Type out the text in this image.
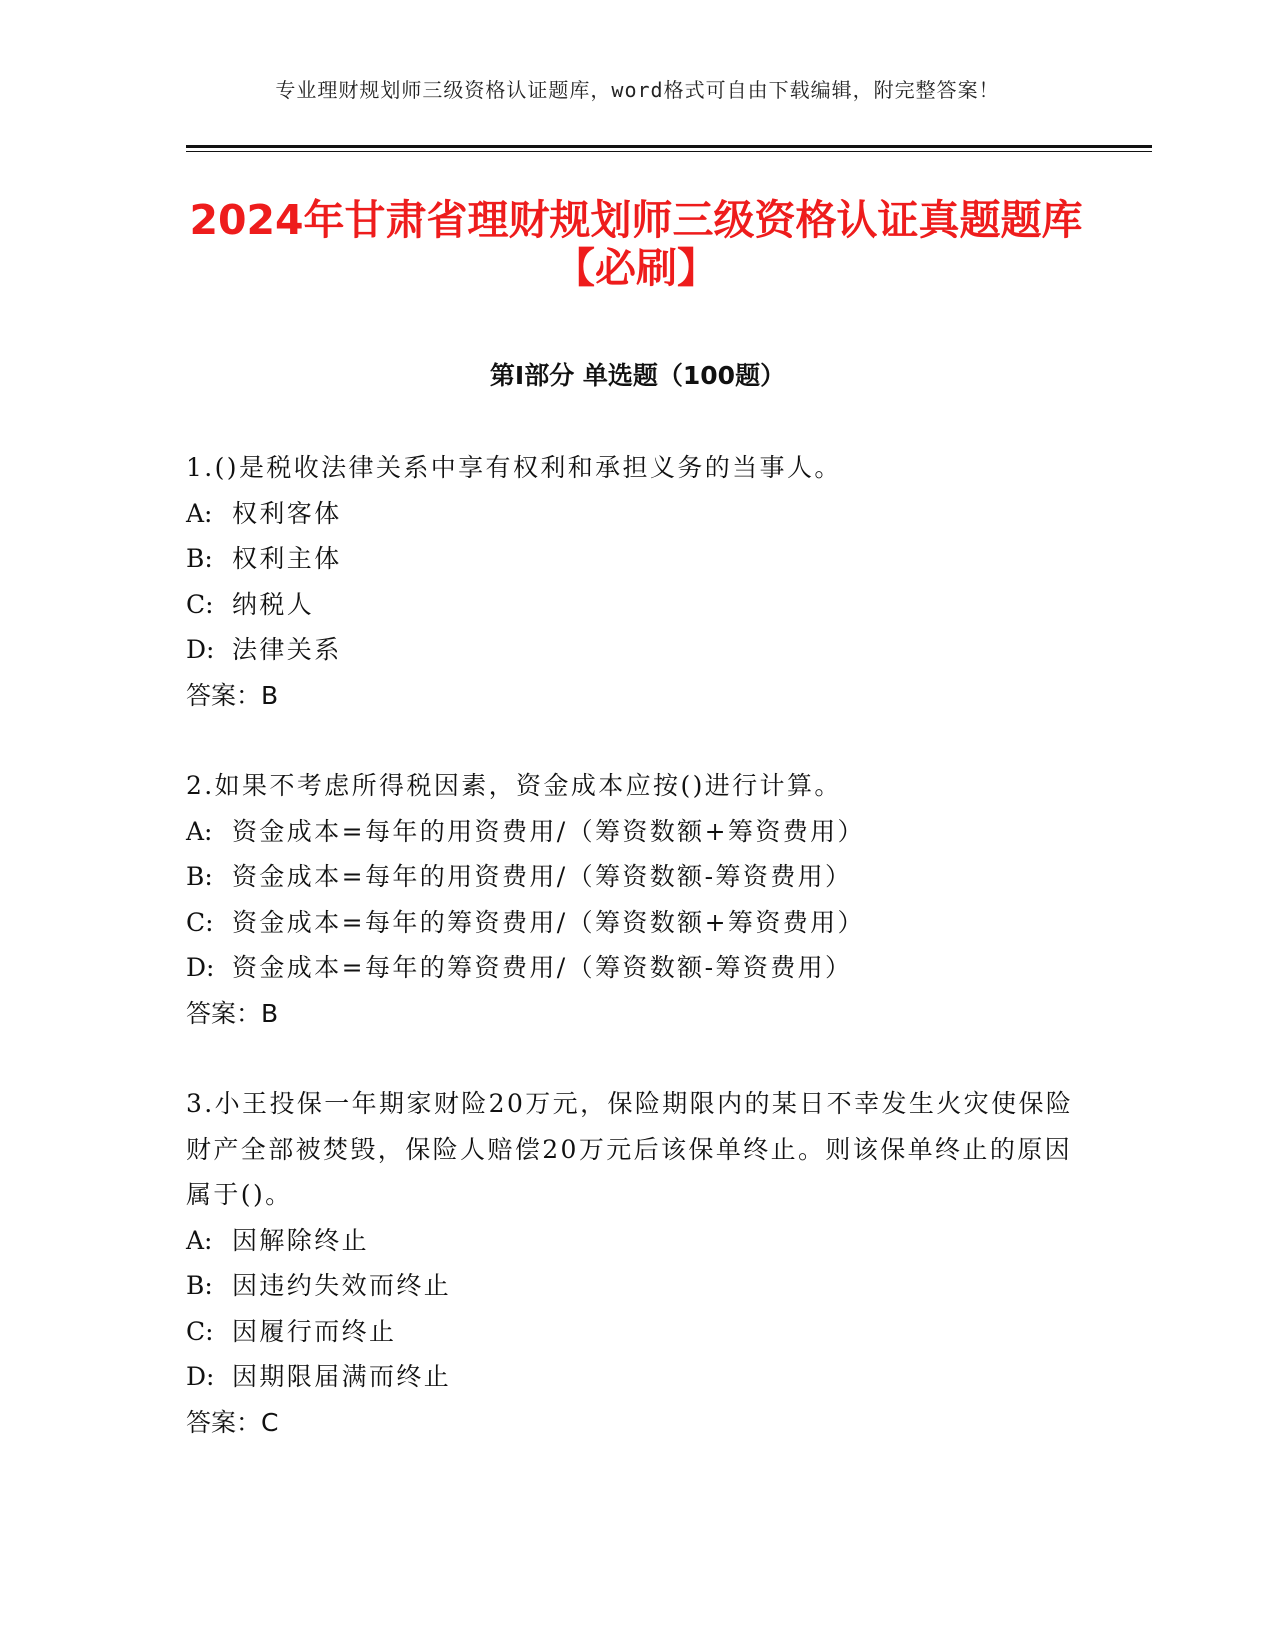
专业理财规划师三级资格认证题库，word格式可自由下载编辑，附完整答案！
2024年甘肃省理财规划师三级资格认证真题题库【必刷】
第I部分 单选题（100题）
1.()是税收法律关系中享有权利和承担义务的当事人。
A: 权利客体
B: 权利主体
C: 纳税人
D: 法律关系
答案：B
2.如果不考虑所得税因素，资金成本应按()进行计算。
A: 资金成本=每年的用资费用/（筹资数额+筹资费用）
B: 资金成本=每年的用资费用/（筹资数额-筹资费用）
C: 资金成本=每年的筹资费用/（筹资数额+筹资费用）
D: 资金成本=每年的筹资费用/（筹资数额-筹资费用）
答案：B
3.小王投保一年期家财险20万元，保险期限内的某日不幸发生火灾使保险财产全部被焚毁，保险人赔偿20万元后该保单终止。则该保单终止的原因属于()。
A: 因解除终止
B: 因违约失效而终止
C: 因履行而终止
D: 因期限届满而终止
答案：C
